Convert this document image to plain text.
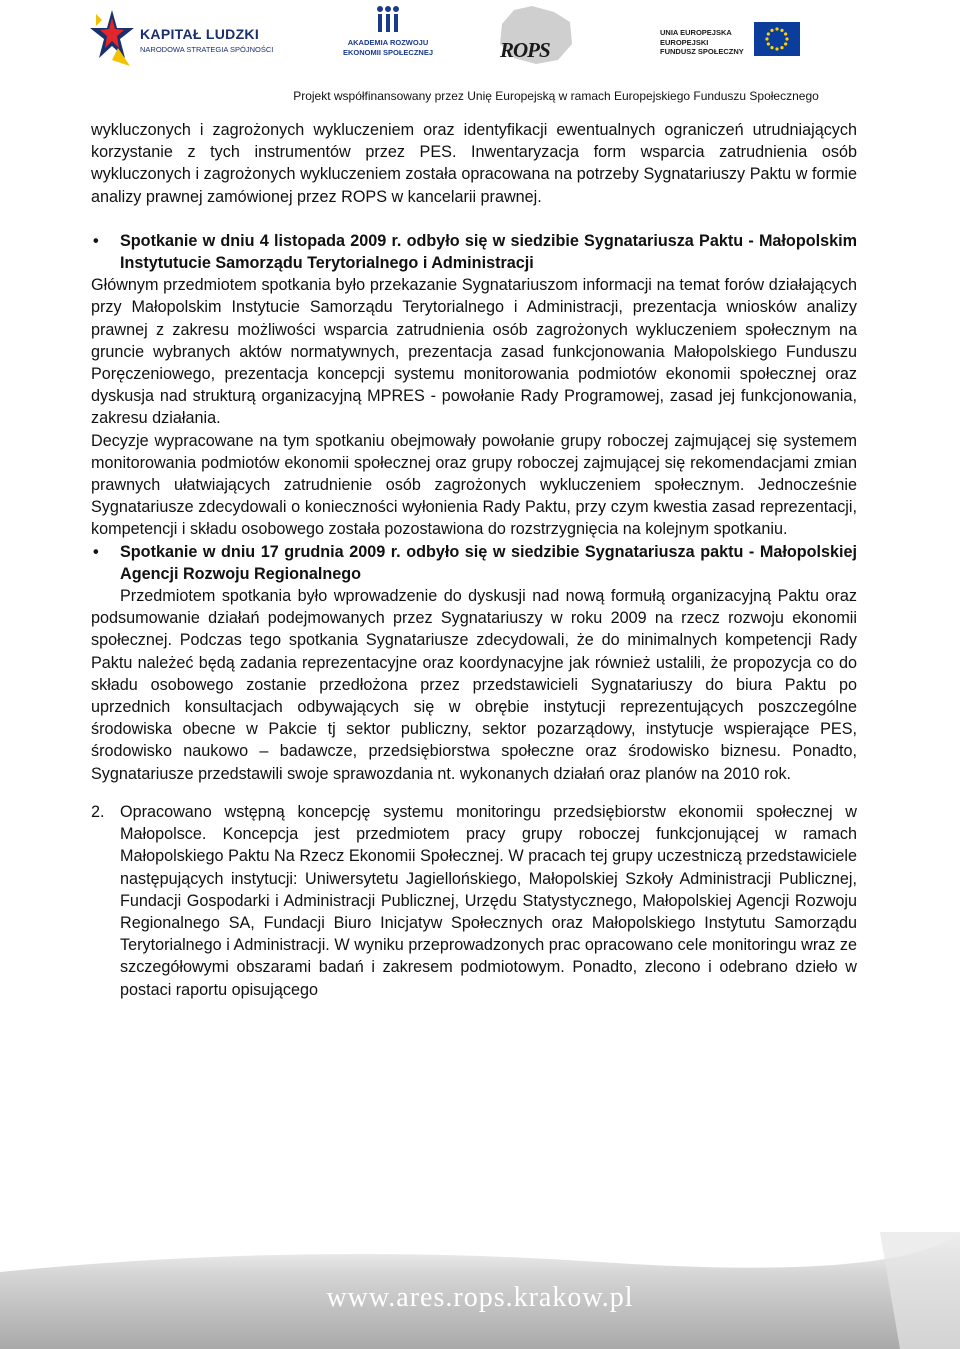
KAPITAŁ LUDZKI
NARODOWA STRATEGIA SPÓJNOŚCI
AKADEMIA ROZWOJU
EKONOMII SPOŁECZNEJ	ROPS
UNIA EUROPEJSKA
EUROPEJSKI
FUNDUSZ SPOŁECZNY
Projekt współfinansowany przez Unię Europejską w ramach Europejskiego Funduszu Społecznego

wykluczonych i zagrożonych wykluczeniem oraz identyfikacji ewentualnych ograniczeń utrudniających korzystanie z tych instrumentów przez PES. Inwentaryzacja form wsparcia zatrudnienia osób wykluczonych i zagrożonych wykluczeniem została opracowana na potrzeby Sygnatariuszy Paktu w formie analizy prawnej zamówionej przez ROPS w kancelarii prawnej.

• Spotkanie w dniu 4 listopada 2009 r. odbyło się w siedzibie Sygnatariusza Paktu - Małopolskim Instytutucie Samorządu Terytorialnego i Administracji

Głównym przedmiotem spotkania było przekazanie Sygnatariuszom informacji na temat forów działających przy Małopolskim Instytucie Samorządu Terytorialnego i Administracji, prezentacja wniosków analizy prawnej z zakresu możliwości wsparcia zatrudnienia osób zagrożonych wykluczeniem społecznym na gruncie wybranych aktów normatywnych, prezentacja zasad funkcjonowania Małopolskiego Funduszu Poręczeniowego, prezentacja koncepcji systemu monitorowania podmiotów ekonomii społecznej oraz dyskusja nad strukturą organizacyjną MPRES - powołanie Rady Programowej, zasad jej funkcjonowania, zakresu działania.

Decyzje wypracowane na tym spotkaniu obejmowały powołanie grupy roboczej zajmującej się systemem monitorowania podmiotów ekonomii społecznej oraz grupy roboczej zajmującej się rekomendacjami zmian prawnych ułatwiających zatrudnienie osób zagrożonych wykluczeniem społecznym. Jednocześnie Sygnatariusze zdecydowali o konieczności wyłonienia Rady Paktu, przy czym kwestia zasad reprezentacji, kompetencji i składu osobowego została pozostawiona do rozstrzygnięcia na kolejnym spotkaniu.

• Spotkanie w dniu 17 grudnia 2009 r. odbyło się w siedzibie Sygnatariusza paktu - Małopolskiej Agencji Rozwoju Regionalnego

Przedmiotem spotkania było wprowadzenie do dyskusji nad nową formułą organizacyjną Paktu oraz podsumowanie działań podejmowanych przez Sygnatariuszy w roku 2009 na rzecz rozwoju ekonomii społecznej. Podczas tego spotkania Sygnatariusze zdecydowali, że do minimalnych kompetencji Rady Paktu należeć będą zadania reprezentacyjne oraz koordynacyjne jak również ustalili, że propozycja co do składu osobowego zostanie przedłożona przez przedstawicieli Sygnatariuszy do biura Paktu po uprzednich konsultacjach odbywających się w obrębie instytucji reprezentujących poszczególne środowiska obecne w Pakcie tj sektor publiczny, sektor pozarządowy, instytucje wspierające PES, środowisko naukowo – badawcze, przedsiębiorstwa społeczne oraz środowisko biznesu. Ponadto, Sygnatariusze przedstawili swoje sprawozdania nt. wykonanych działań oraz planów na 2010 rok.

2. Opracowano wstępną koncepcję systemu monitoringu przedsiębiorstw ekonomii społecznej w Małopolsce. Koncepcja jest przedmiotem pracy grupy roboczej funkcjonującej w ramach Małopolskiego Paktu Na Rzecz Ekonomii Społecznej. W pracach tej grupy uczestniczą przedstawiciele następujących instytucji: Uniwersytetu Jagiellońskiego, Małopolskiej Szkoły Administracji Publicznej, Fundacji Gospodarki i Administracji Publicznej, Urzędu Statystycznego, Małopolskiej Agencji Rozwoju Regionalnego SA, Fundacji Biuro Inicjatyw Społecznych oraz Małopolskiego Instytutu Samorządu Terytorialnego i Administracji. W wyniku przeprowadzonych prac opracowano cele monitoringu wraz ze szczegółowymi obszarami badań i zakresem podmiotowym. Ponadto, zlecono i odebrano dzieło w postaci raportu opisującego

www.ares.rops.krakow.pl
